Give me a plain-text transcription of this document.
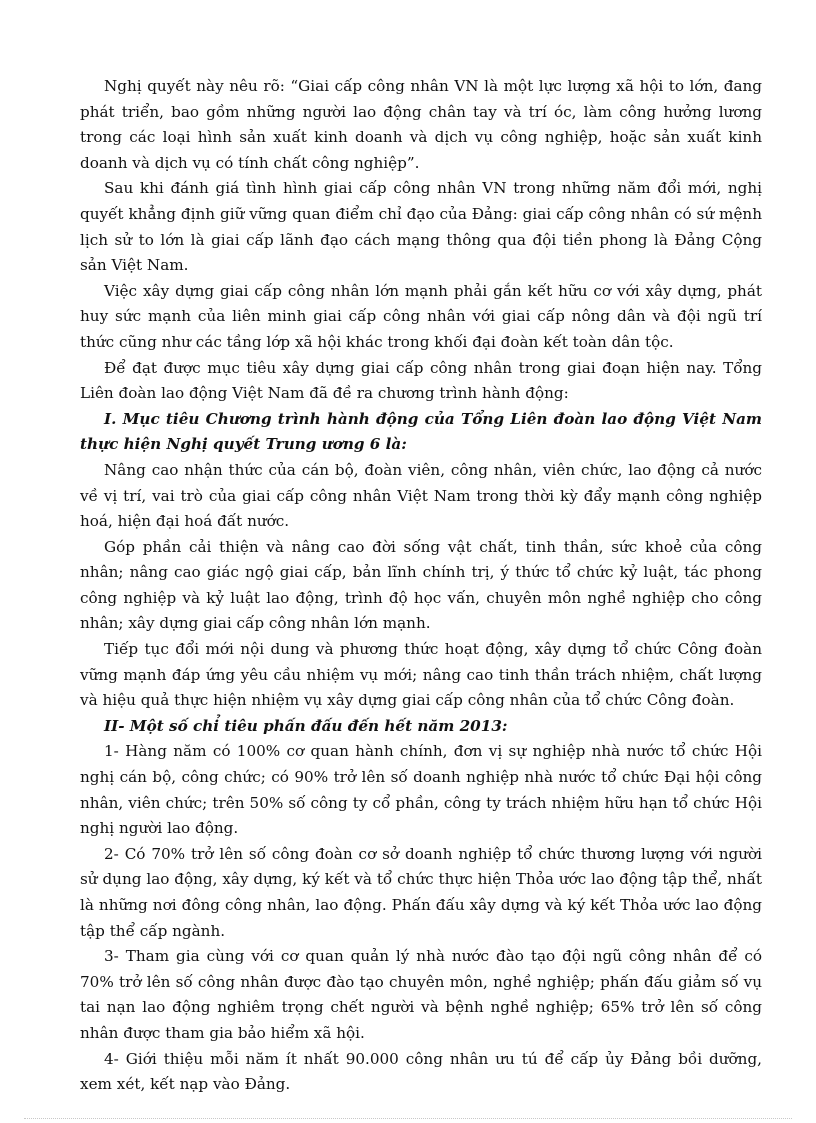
Nghị quyết này nêu rõ: “Giai cấp công nhân VN là một lực lượng xã hội to lớn, đang phát triển, bao gồm những người lao động chân tay và trí óc, làm công hưởng lương trong các loại hình sản xuất kinh doanh và dịch vụ công nghiệp, hoặc sản xuất kinh doanh và dịch vụ có tính chất công nghiệp”.

Sau khi đánh giá tình hình giai cấp công nhân VN trong những năm đổi mới, nghị quyết khẳng định giữ vững quan điểm chỉ đạo của Đảng: giai cấp công nhân có sứ mệnh lịch sử to lớn là giai cấp lãnh đạo cách mạng thông qua đội tiền phong là Đảng Cộng sản Việt Nam.

Việc xây dựng giai cấp công nhân lớn mạnh phải gắn kết hữu cơ với xây dựng, phát huy sức mạnh của liên minh giai cấp công nhân với giai cấp nông dân và đội ngũ trí thức cũng như các tầng lớp xã hội khác trong khối đại đoàn kết toàn dân tộc.

Để đạt được mục tiêu xây dựng giai cấp công nhân trong giai đoạn hiện nay. Tổng Liên đoàn lao động Việt Nam đã đề ra chương trình hành động:

I. Mục tiêu Chương trình hành động của Tổng Liên đoàn lao động Việt Nam thực hiện Nghị quyết Trung ương 6 là:

Nâng cao nhận thức của cán bộ, đoàn viên, công nhân, viên chức, lao động cả nước về vị trí, vai trò của giai cấp công nhân Việt Nam trong thời kỳ đẩy mạnh công nghiệp hoá, hiện đại hoá đất nước.

Góp phần cải thiện và nâng cao đời sống vật chất, tinh thần, sức khoẻ của công nhân; nâng cao giác ngộ giai cấp, bản lĩnh chính trị, ý thức tổ chức kỷ luật, tác phong công nghiệp và kỷ luật lao động, trình độ học vấn, chuyên môn nghề nghiệp cho công nhân; xây dựng giai cấp công nhân lớn mạnh.

Tiếp tục đổi mới nội dung và phương thức hoạt động, xây dựng tổ chức Công đoàn vững mạnh đáp ứng yêu cầu nhiệm vụ mới; nâng cao tinh thần trách nhiệm, chất lượng và hiệu quả thực hiện nhiệm vụ xây dựng giai cấp công nhân của tổ chức Công đoàn.

II- Một số chỉ tiêu phấn đấu đến hết năm 2013:

1- Hàng năm có 100% cơ quan hành chính, đơn vị sự nghiệp nhà nước tổ chức Hội nghị cán bộ, công chức; có 90% trở lên số doanh nghiệp nhà nước tổ chức Đại hội công nhân, viên chức; trên 50% số công ty cổ phần, công ty trách nhiệm hữu hạn tổ chức Hội nghị người lao động.

2- Có 70% trở lên số công đoàn cơ sở doanh nghiệp tổ chức thương lượng với người sử dụng lao động, xây dựng, ký kết và tổ chức thực hiện Thỏa ước lao động tập thể, nhất là những nơi đông công nhân, lao động. Phấn đấu xây dựng và ký kết Thỏa ước lao động tập thể cấp ngành.

3- Tham gia cùng với cơ quan quản lý nhà nước đào tạo đội ngũ công nhân để có 70% trở lên số công nhân được đào tạo chuyên môn, nghề nghiệp; phấn đấu giảm số vụ tai nạn lao động nghiêm trọng chết người và bệnh nghề nghiệp; 65% trở lên số công nhân được tham gia bảo hiểm xã hội.

4- Giới thiệu mỗi năm ít nhất 90.000 công nhân ưu tú để cấp ủy Đảng bồi dưỡng, xem xét, kết nạp vào Đảng.
